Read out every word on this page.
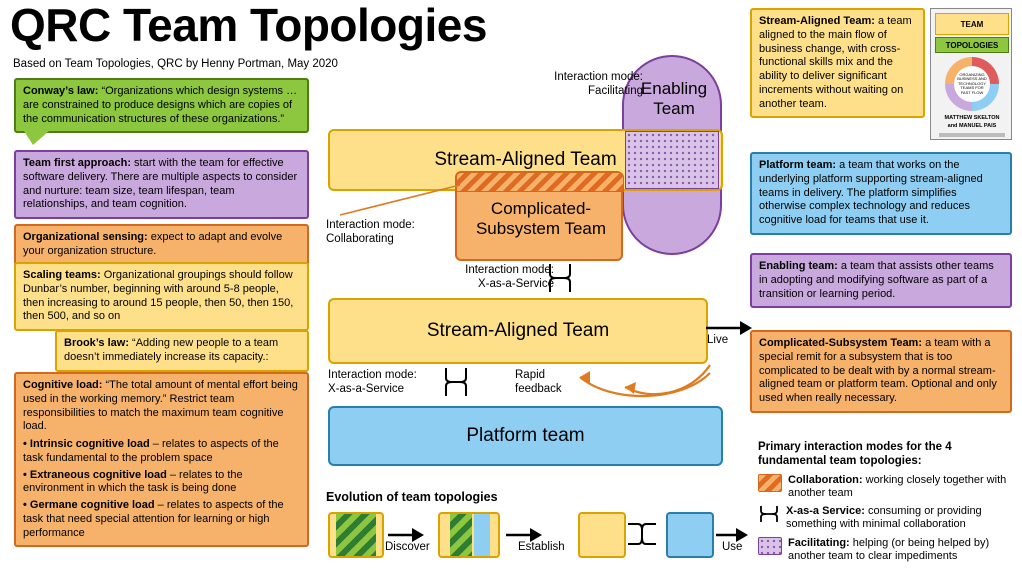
QRC Team Topologies
Based on Team Topologies, QRC by Henny Portman, May 2020
Conway’s law: “Organizations which design systems … are constrained to produce designs which are copies of the communication structures of these organizations.”
Team first approach: start with the team for effective software delivery. There are multiple aspects to consider and nurture: team size, team lifespan, team relationships, and team cognition.
Organizational sensing: expect to adapt and evolve your organization structure.
Scaling teams: Organizational groupings should follow Dunbar’s number, beginning with around 5-8 people, then increasing to around 15 people, then 50, then 150, then 500, and so on
Brook’s law: “Adding new people to a team doesn’t immediately increase its capacity.:
Cognitive load: “The total amount of mental effort being used in the working memory.” Restrict team responsibilities to match the maximum team cognitive load.
• Intrinsic cognitive load – relates to aspects of the task fundamental to the problem space
• Extraneous cognitive load – relates to the environment in which the task is being done
• Germane cognitive load – relates to aspects of the task that need special attention for learning or high performance
Stream-Aligned Team: a team aligned to the main flow of business change, with cross-functional skills mix and the ability to deliver significant increments without waiting on another team.
Platform team: a team that works on the underlying platform supporting stream-aligned teams in delivery. The platform simplifies otherwise complex technology and reduces cognitive load for teams that use it.
Enabling team: a team that assists other teams in adopting and modifying software as part of a transition or learning period.
Complicated-Subsystem Team: a team with a special remit for a subsystem that is too complicated to be dealt with by a normal stream-aligned team or platform team. Optional and only used when really necessary.
TEAM
TOPOLOGIES
ORGANIZING BUSINESS AND TECHNOLOGY TEAMS FOR FAST FLOW
MATTHEW SKELTON
and MANUEL PAIS
Enabling Team
Stream-Aligned Team
Complicated-Subsystem Team
Stream-Aligned Team
Platform team
Interaction mode: Facilitating
Interaction mode:
Collaborating
Interaction mode:
X-as-a-Service
Interaction mode:
X-as-a-Service
Rapid
feedback
Live
Evolution of team topologies
Discover	Establish	Use
Primary interaction modes for the 4
fundamental team topologies:
Collaboration: working closely together with another team
X-as-a Service: consuming or providing something with minimal collaboration
Facilitating: helping (or being helped by) another team to clear impediments
